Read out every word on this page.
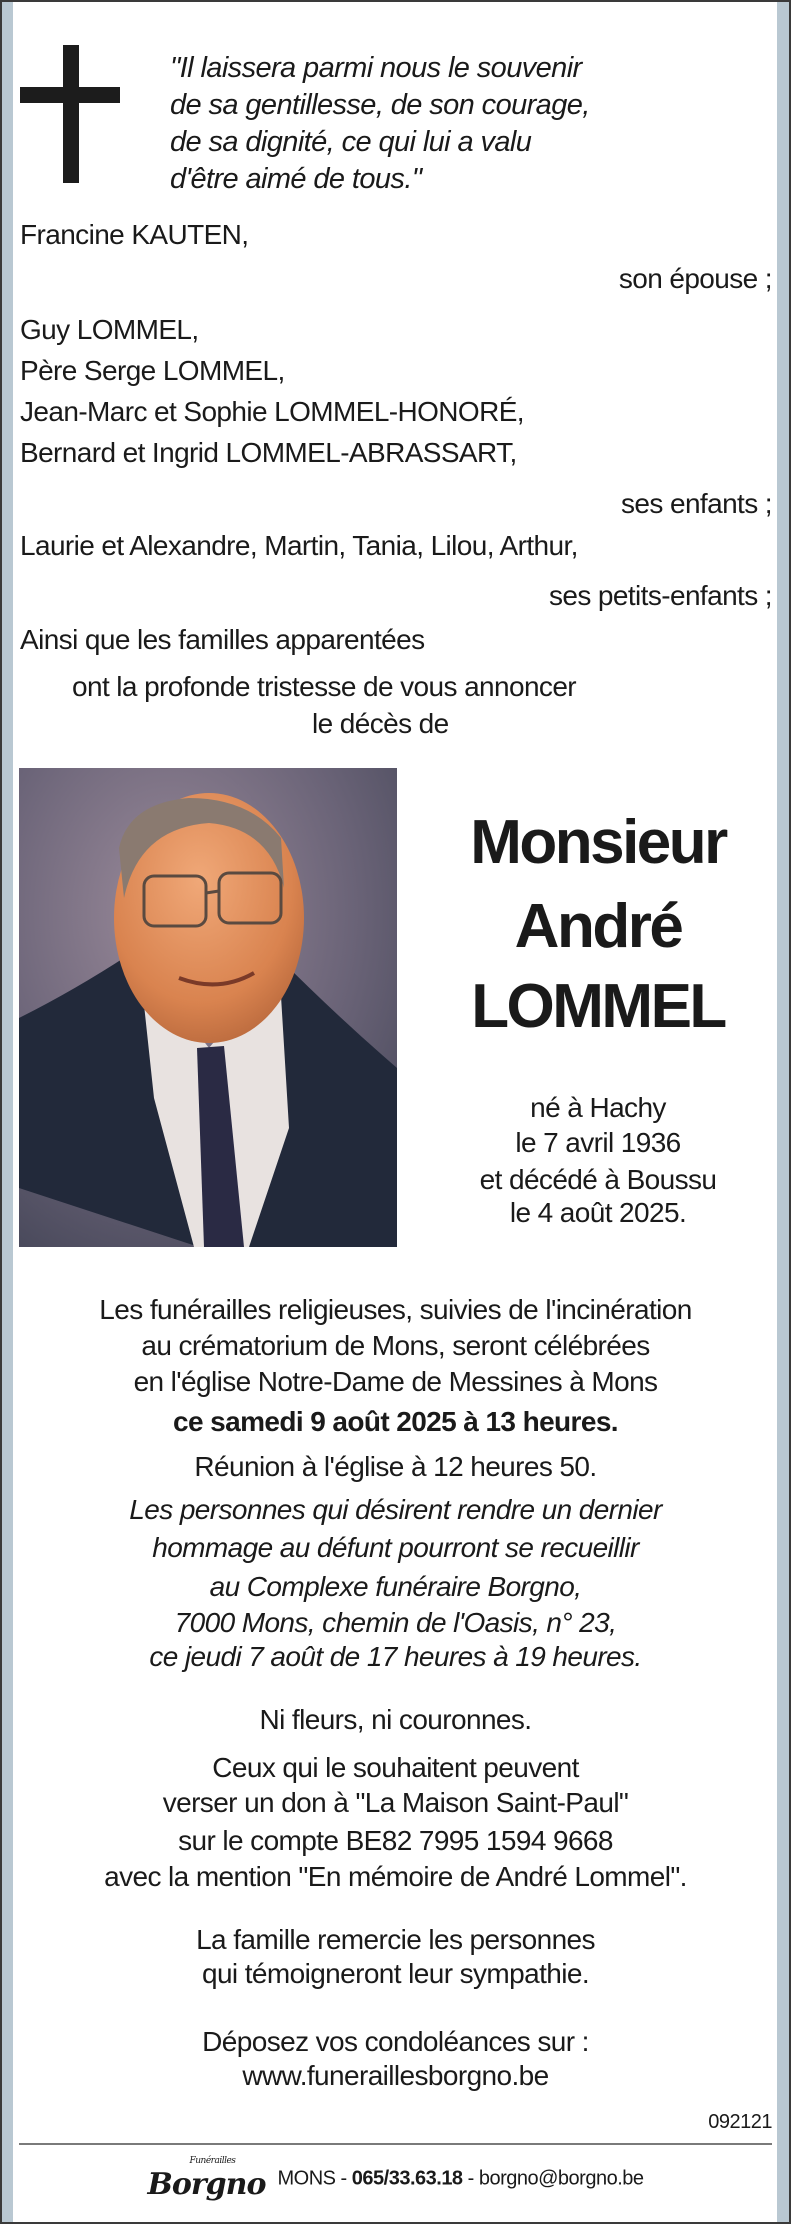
"Il laissera parmi nous le souvenir
de sa gentillesse, de son courage,
de sa dignité, ce qui lui a valu
d'être aimé de tous."
Francine KAUTEN,
son épouse ;
Guy LOMMEL,
Père Serge LOMMEL,
Jean-Marc et Sophie LOMMEL-HONORÉ,
Bernard et Ingrid LOMMEL-ABRASSART,
ses enfants ;
Laurie et Alexandre, Martin, Tania, Lilou, Arthur,
ses petits-enfants ;
Ainsi que les familles apparentées
ont la profonde tristesse de vous annoncer
le décès de
Monsieur
André
LOMMEL
né à Hachy
le 7 avril 1936
et décédé à Boussu
le 4 août 2025.
Les funérailles religieuses, suivies de l'incinération
au crématorium de Mons, seront célébrées
en l'église Notre-Dame de Messines à Mons
ce samedi 9 août 2025 à 13 heures.
Réunion à l'église à 12 heures 50.
Les personnes qui désirent rendre un dernier
hommage au défunt pourront se recueillir
au Complexe funéraire Borgno,
7000 Mons, chemin de l'Oasis, n° 23,
ce jeudi 7 août de 17 heures à 19 heures.
Ni fleurs, ni couronnes.
Ceux qui le souhaitent peuvent
verser un don à "La Maison Saint-Paul"
sur le compte BE82 7995 1594 9668
avec la mention "En mémoire de André Lommel".
La famille remercie les personnes
qui témoigneront leur sympathie.
Déposez vos condoléances sur :
www.funeraillesborgno.be
092121
Funérailles
Borgno MONS - 065/33.63.18 - borgno@borgno.be
